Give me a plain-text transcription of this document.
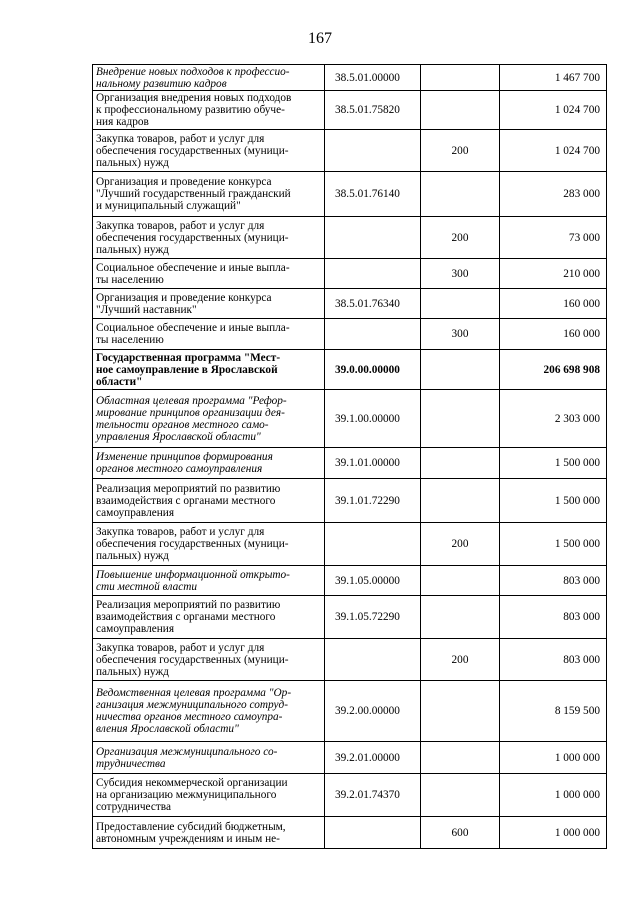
167
Внедрение новых подходов к профессио-
нальному развитию кадров	38.5.01.00000		1 467 700
Организация внедрения новых подходов
к профессиональному развитию обуче-
ния кадров	38.5.01.75820		1 024 700
Закупка товаров, работ и услуг для
обеспечения государственных (муници-
пальных) нужд		200	1 024 700
Организация и проведение конкурса
"Лучший государственный гражданский
и муниципальный служащий"	38.5.01.76140		283 000
Закупка товаров, работ и услуг для
обеспечения государственных (муници-
пальных) нужд		200	73 000
Социальное обеспечение и иные выпла-
ты населению		300	210 000
Организация и проведение конкурса
"Лучший наставник"	38.5.01.76340		160 000
Социальное обеспечение и иные выпла-
ты населению		300	160 000
Государственная программа "Мест-
ное самоуправление в Ярославской
области"	39.0.00.00000		206 698 908
Областная целевая программа "Рефор-
мирование принципов организации дея-
тельности органов местного само-
управления Ярославской области"	39.1.00.00000		2 303 000
Изменение принципов формирования
органов местного самоуправления	39.1.01.00000		1 500 000
Реализация мероприятий по развитию
взаимодействия с органами местного
самоуправления	39.1.01.72290		1 500 000
Закупка товаров, работ и услуг для
обеспечения государственных (муници-
пальных) нужд		200	1 500 000
Повышение информационной открыто-
сти местной власти	39.1.05.00000		803 000
Реализация мероприятий по развитию
взаимодействия с органами местного
самоуправления	39.1.05.72290		803 000
Закупка товаров, работ и услуг для
обеспечения государственных (муници-
пальных) нужд		200	803 000
Ведомственная целевая программа "Ор-
ганизация межмуниципального сотруд-
ничества органов местного самоупра-
вления Ярославской области"	39.2.00.00000		8 159 500
Организация межмуниципального со-
трудничества	39.2.01.00000		1 000 000
Субсидия некоммерческой организации
на организацию межмуниципального
сотрудничества	39.2.01.74370		1 000 000
Предоставление субсидий бюджетным,
автономным учреждениям и иным не-		600	1 000 000
